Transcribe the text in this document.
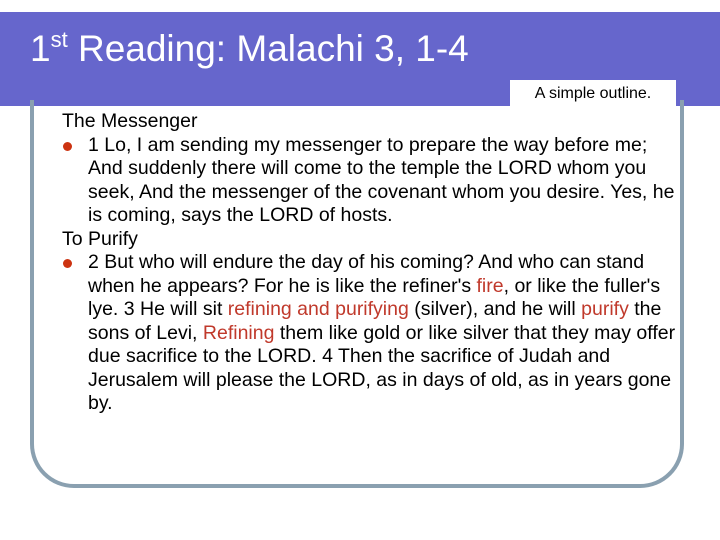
1st Reading: Malachi 3, 1-4
A simple outline.

The Messenger

1 Lo, I am sending my messenger to prepare the way before me; And suddenly there will come to the temple the LORD whom you seek, And the messenger of the covenant whom you desire. Yes, he is coming, says the LORD of hosts.

To Purify

2 But who will endure the day of his coming? And who can stand when he appears? For he is like the refiner's fire, or like the fuller's lye. 3 He will sit refining and purifying (silver), and he will purify the sons of Levi, Refining them like gold or like silver that they may offer due sacrifice to the LORD. 4 Then the sacrifice of Judah and Jerusalem will please the LORD, as in days of old, as in years gone by.
